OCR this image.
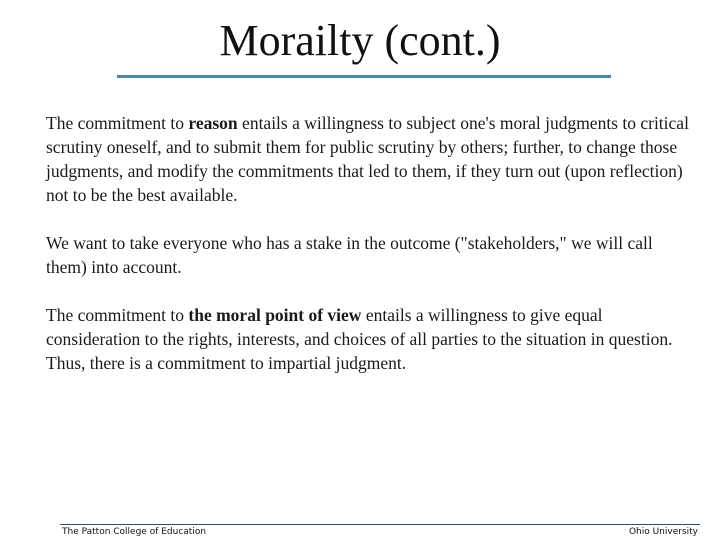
Morailty (cont.)

The commitment to reason entails a willingness to subject one's moral judgments to critical scrutiny oneself, and to submit them for public scrutiny by others; further, to change those judgments, and modify the commitments that led to them, if they turn out (upon reflection) not to be the best available.

We want to take everyone who has a stake in the outcome ("stakeholders," we will call them) into account.

The commitment to the moral point of view entails a willingness to give equal consideration to the rights, interests, and choices of all parties to the situation in question. Thus, there is a commitment to impartial judgment.

The Patton College of Education	Ohio University
